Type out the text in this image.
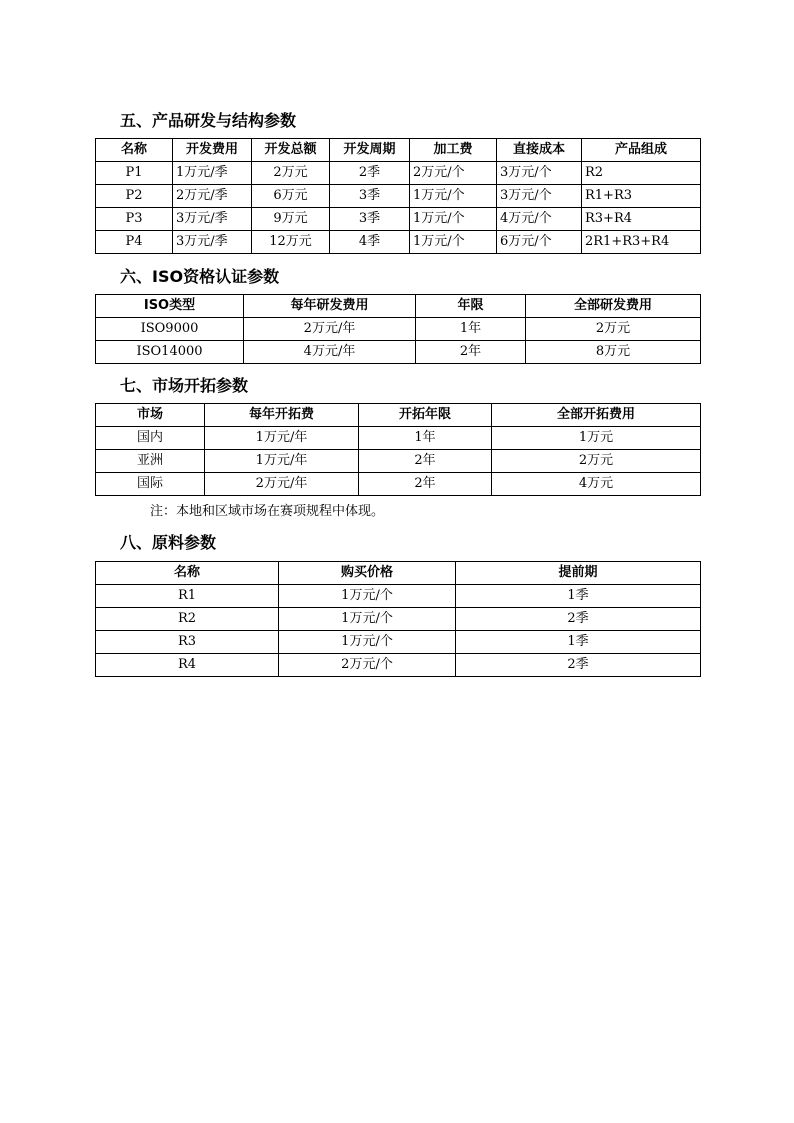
五、产品研发与结构参数
名称	开发费用	开发总额	开发周期	加工费	直接成本	产品组成
P1	1万元/季	2万元	2季	2万元/个	3万元/个	R2
P2	2万元/季	6万元	3季	1万元/个	3万元/个	R1+R3
P3	3万元/季	9万元	3季	1万元/个	4万元/个	R3+R4
P4	3万元/季	12万元	4季	1万元/个	6万元/个	2R1+R3+R4
六、ISO资格认证参数
ISO类型	每年研发费用	年限	全部研发费用
ISO9000	2万元/年	1年	2万元
ISO14000	4万元/年	2年	8万元
七、市场开拓参数
市场	每年开拓费	开拓年限	全部开拓费用
国内	1万元/年	1年	1万元
亚洲	1万元/年	2年	2万元
国际	2万元/年	2年	4万元
注：本地和区域市场在赛项规程中体现。
八、原料参数
名称	购买价格	提前期
R1	1万元/个	1季
R2	1万元/个	2季
R3	1万元/个	1季
R4	2万元/个	2季
